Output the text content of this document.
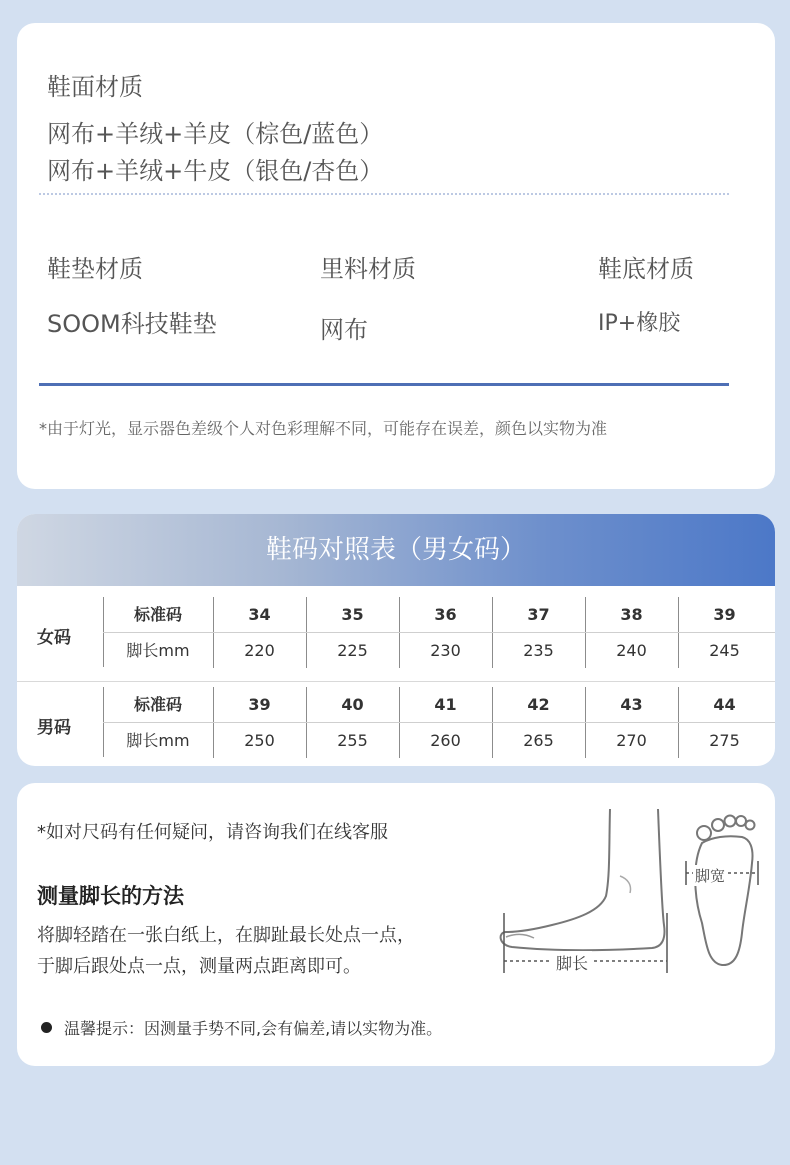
鞋面材质
网布+羊绒+羊皮（棕色/蓝色）
网布+羊绒+牛皮（银色/杏色）
鞋垫材质
SOOM科技鞋垫
里料材质
网布
鞋底材质
IP+橡胶
*由于灯光，显示器色差级个人对色彩理解不同，可能存在误差，颜色以实物为准
鞋码对照表（男女码）
女码
标准码	34	35	36	37	38	39
脚长mm	220	225	230	235	240	245
男码
标准码	39	40	41	42	43	44
脚长mm	250	255	260	265	270	275
*如对尺码有任何疑问，请咨询我们在线客服
测量脚长的方法
将脚轻踏在一张白纸上，在脚趾最长处点一点，
于脚后跟处点一点，测量两点距离即可。	脚长
脚宽
温馨提示：因测量手势不同,会有偏差,请以实物为准。
